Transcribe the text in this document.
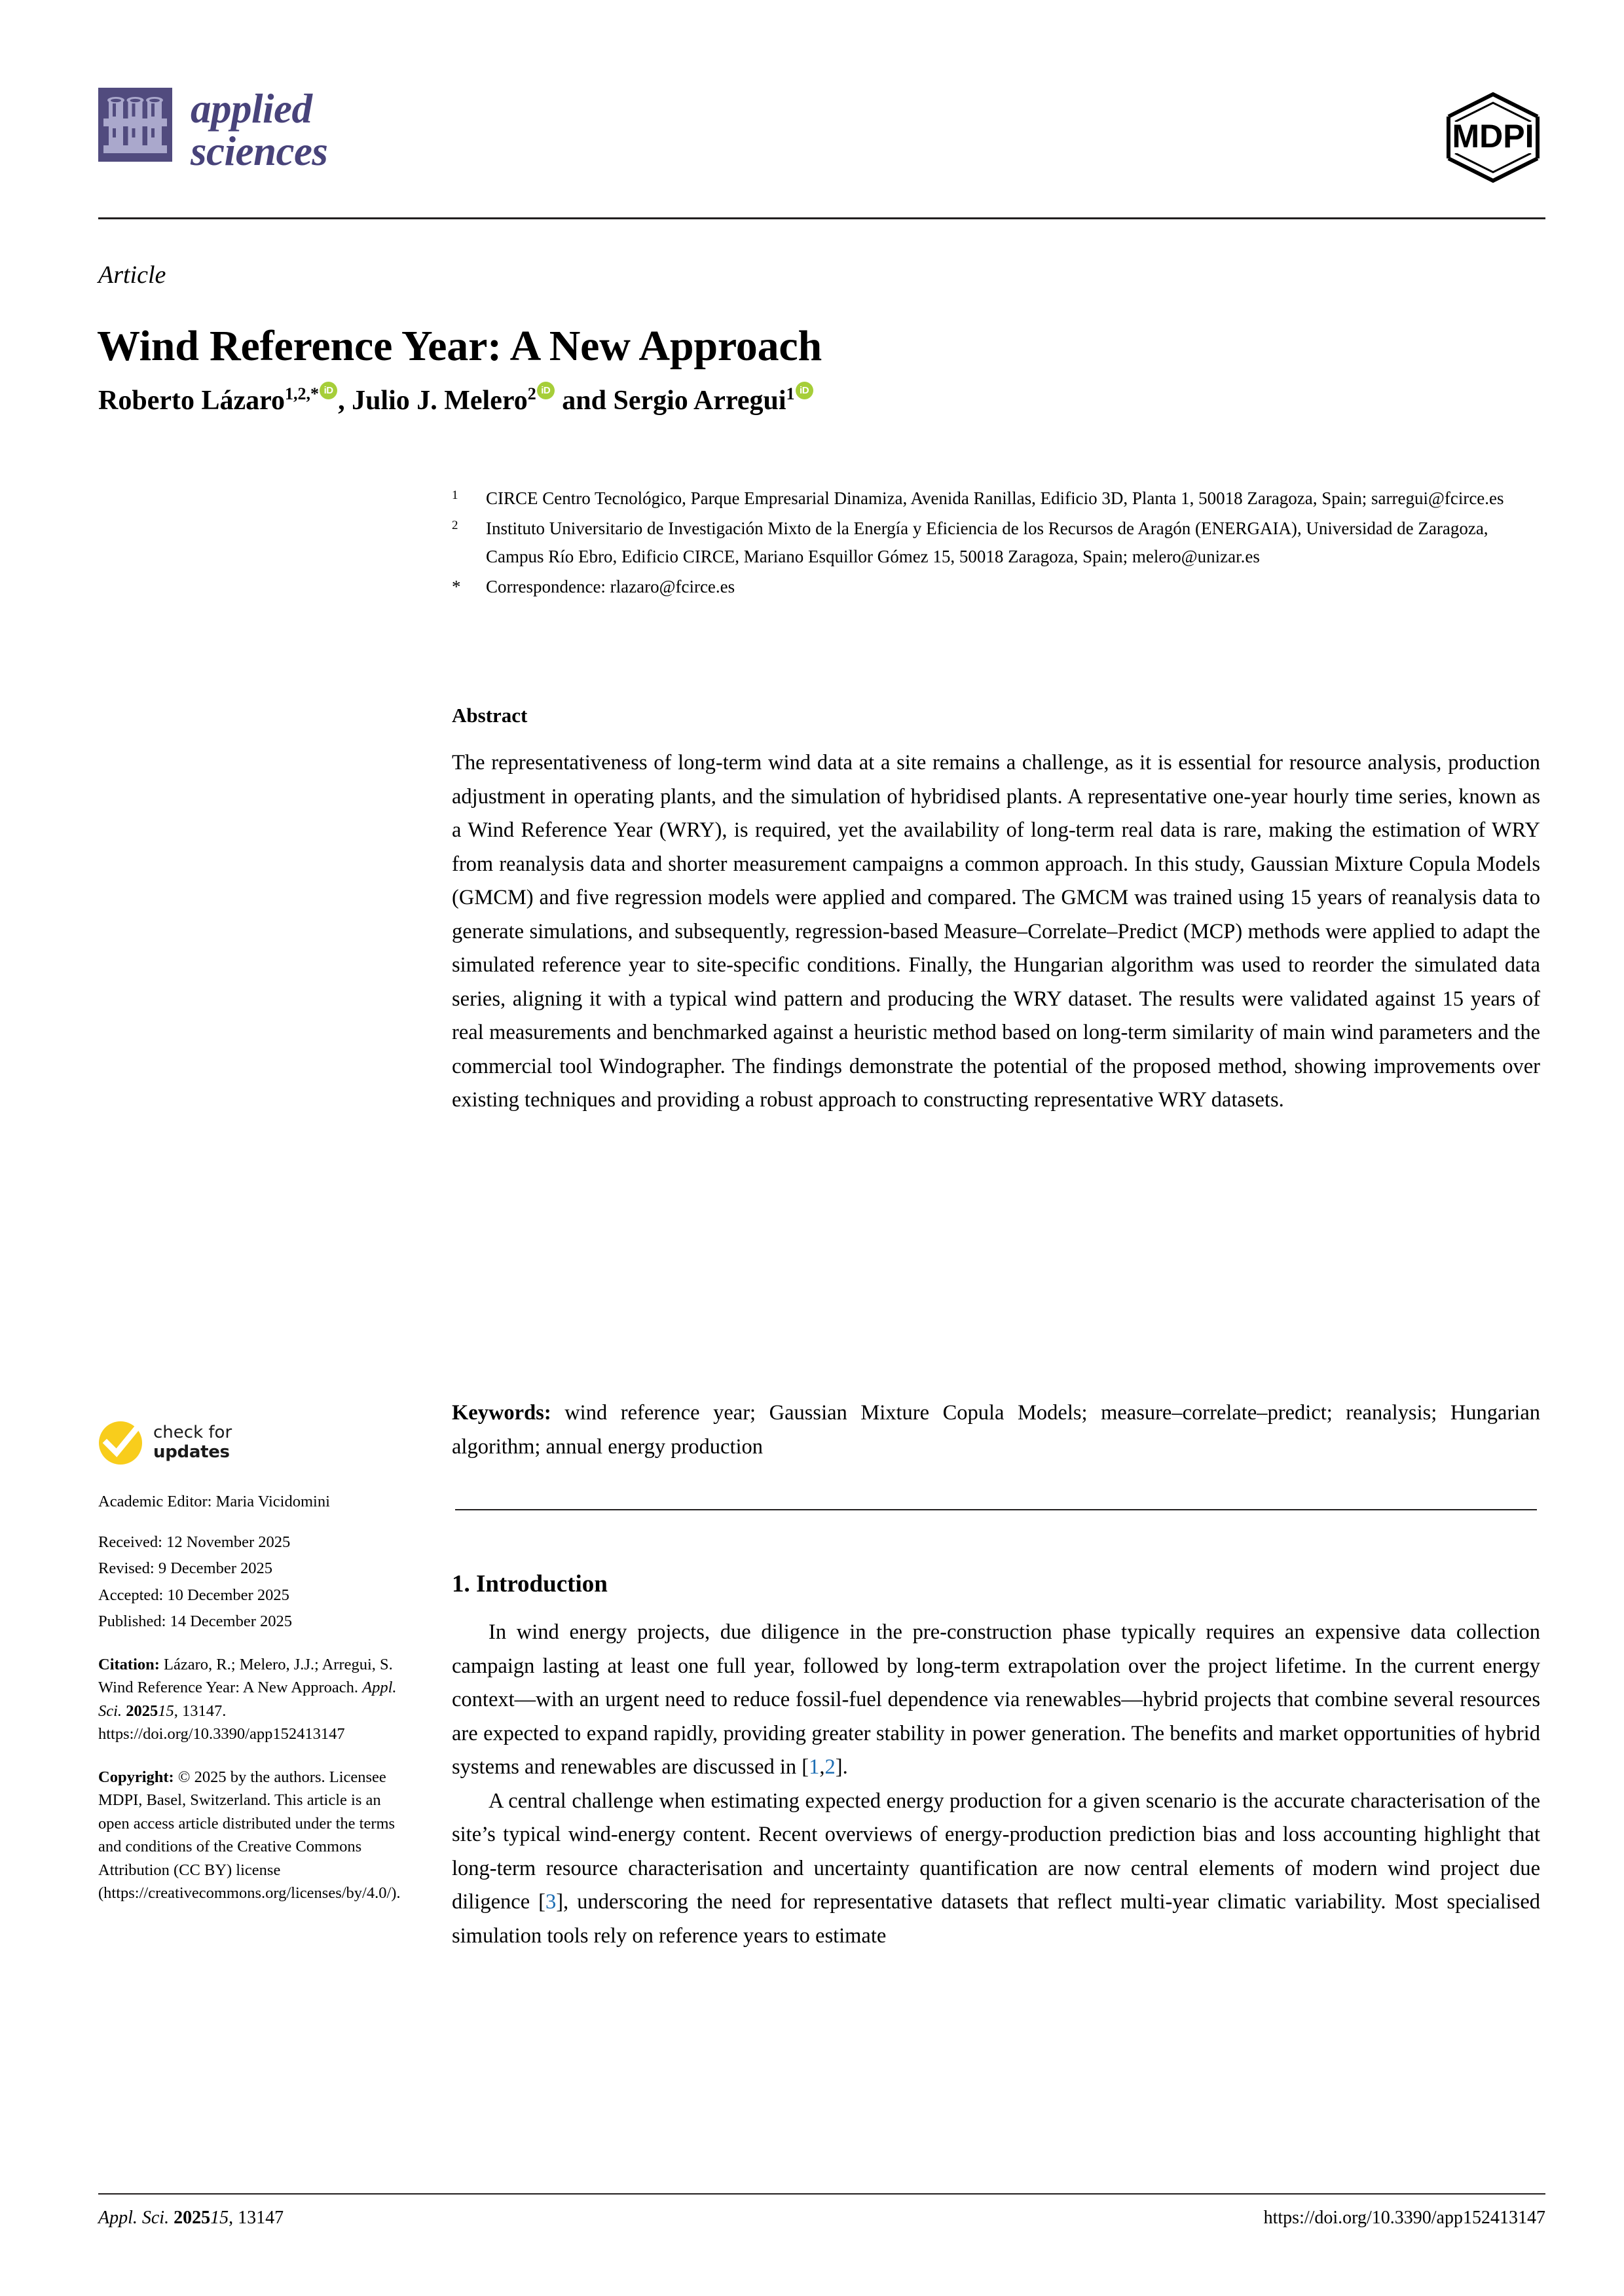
applied
sciences	MDPI
Article
Wind Reference Year: A New Approach
Roberto Lázaro$^{1,2,*}$ iD , Julio J. Melero$^2$iD and Sergio Arregui$^1$iD
1	CIRCE Centro Tecnológico, Parque Empresarial Dinamiza, Avenida Ranillas, Edificio 3D, Planta 1, 50018 Zaragoza, Spain; sarregui@fcirce.es
2	Instituto Universitario de Investigación Mixto de la Energía y Eficiencia de los Recursos de Aragón (ENERGAIA), Universidad de Zaragoza, Campus Río Ebro, Edificio CIRCE, Mariano Esquillor Gómez 15, 50018 Zaragoza, Spain; melero@unizar.es
*	Correspondence: rlazaro@fcirce.es
Abstract
The representativeness of long-term wind data at a site remains a challenge, as it is essential for resource analysis, production adjustment in operating plants, and the simulation of hybridised plants. A representative one-year hourly time series, known as a Wind Reference Year (WRY), is required, yet the availability of long-term real data is rare, making the estimation of WRY from reanalysis data and shorter measurement campaigns a common approach. In this study, Gaussian Mixture Copula Models (GMCM) and five regression models were applied and compared. The GMCM was trained using 15 years of reanalysis data to generate simulations, and subsequently, regression-based Measure–Correlate–Predict (MCP) methods were applied to adapt the simulated reference year to site-specific conditions. Finally, the Hungarian algorithm was used to reorder the simulated data series, aligning it with a typical wind pattern and producing the WRY dataset. The results were validated against 15 years of real measurements and benchmarked against a heuristic method based on long-term similarity of main wind parameters and the commercial tool Windographer. The findings demonstrate the potential of the proposed method, showing improvements over existing techniques and providing a robust approach to constructing representative WRY datasets.
Keywords: wind reference year; Gaussian Mixture Copula Models; measure–correlate–predict; reanalysis; Hungarian algorithm; annual energy production
1. Introduction

In wind energy projects, due diligence in the pre-construction phase typically requires an expensive data collection campaign lasting at least one full year, followed by long-term extrapolation over the project lifetime. In the current energy context—with an urgent need to reduce fossil-fuel dependence via renewables—hybrid projects that combine several resources are expected to expand rapidly, providing greater stability in power generation. The benefits and market opportunities of hybrid systems and renewables are discussed in [1,2].

A central challenge when estimating expected energy production for a given scenario is the accurate characterisation of the site’s typical wind-energy content. Recent overviews of energy-production prediction bias and loss accounting highlight that long-term resource characterisation and uncertainty quantification are now central elements of modern wind project due diligence [3], underscoring the need for representative datasets that reflect multi-year climatic variability. Most specialised simulation tools rely on reference years to estimate

check for
updates
Academic Editor: Maria Vicidomini
Received: 12 November 2025
Revised: 9 December 2025
Accepted: 10 December 2025
Published: 14 December 2025
Citation: Lázaro, R.; Melero, J.J.; Arregui, S. Wind Reference Year: A New Approach. Appl. Sci. 202515, 13147. https://doi.org/10.3390/app152413147
Copyright: © 2025 by the authors. Licensee MDPI, Basel, Switzerland. This article is an open access article distributed under the terms and conditions of the Creative Commons Attribution (CC BY) license (https://creativecommons.org/licenses/by/4.0/).
Appl. Sci. 202515, 13147	https://doi.org/10.3390/app152413147
